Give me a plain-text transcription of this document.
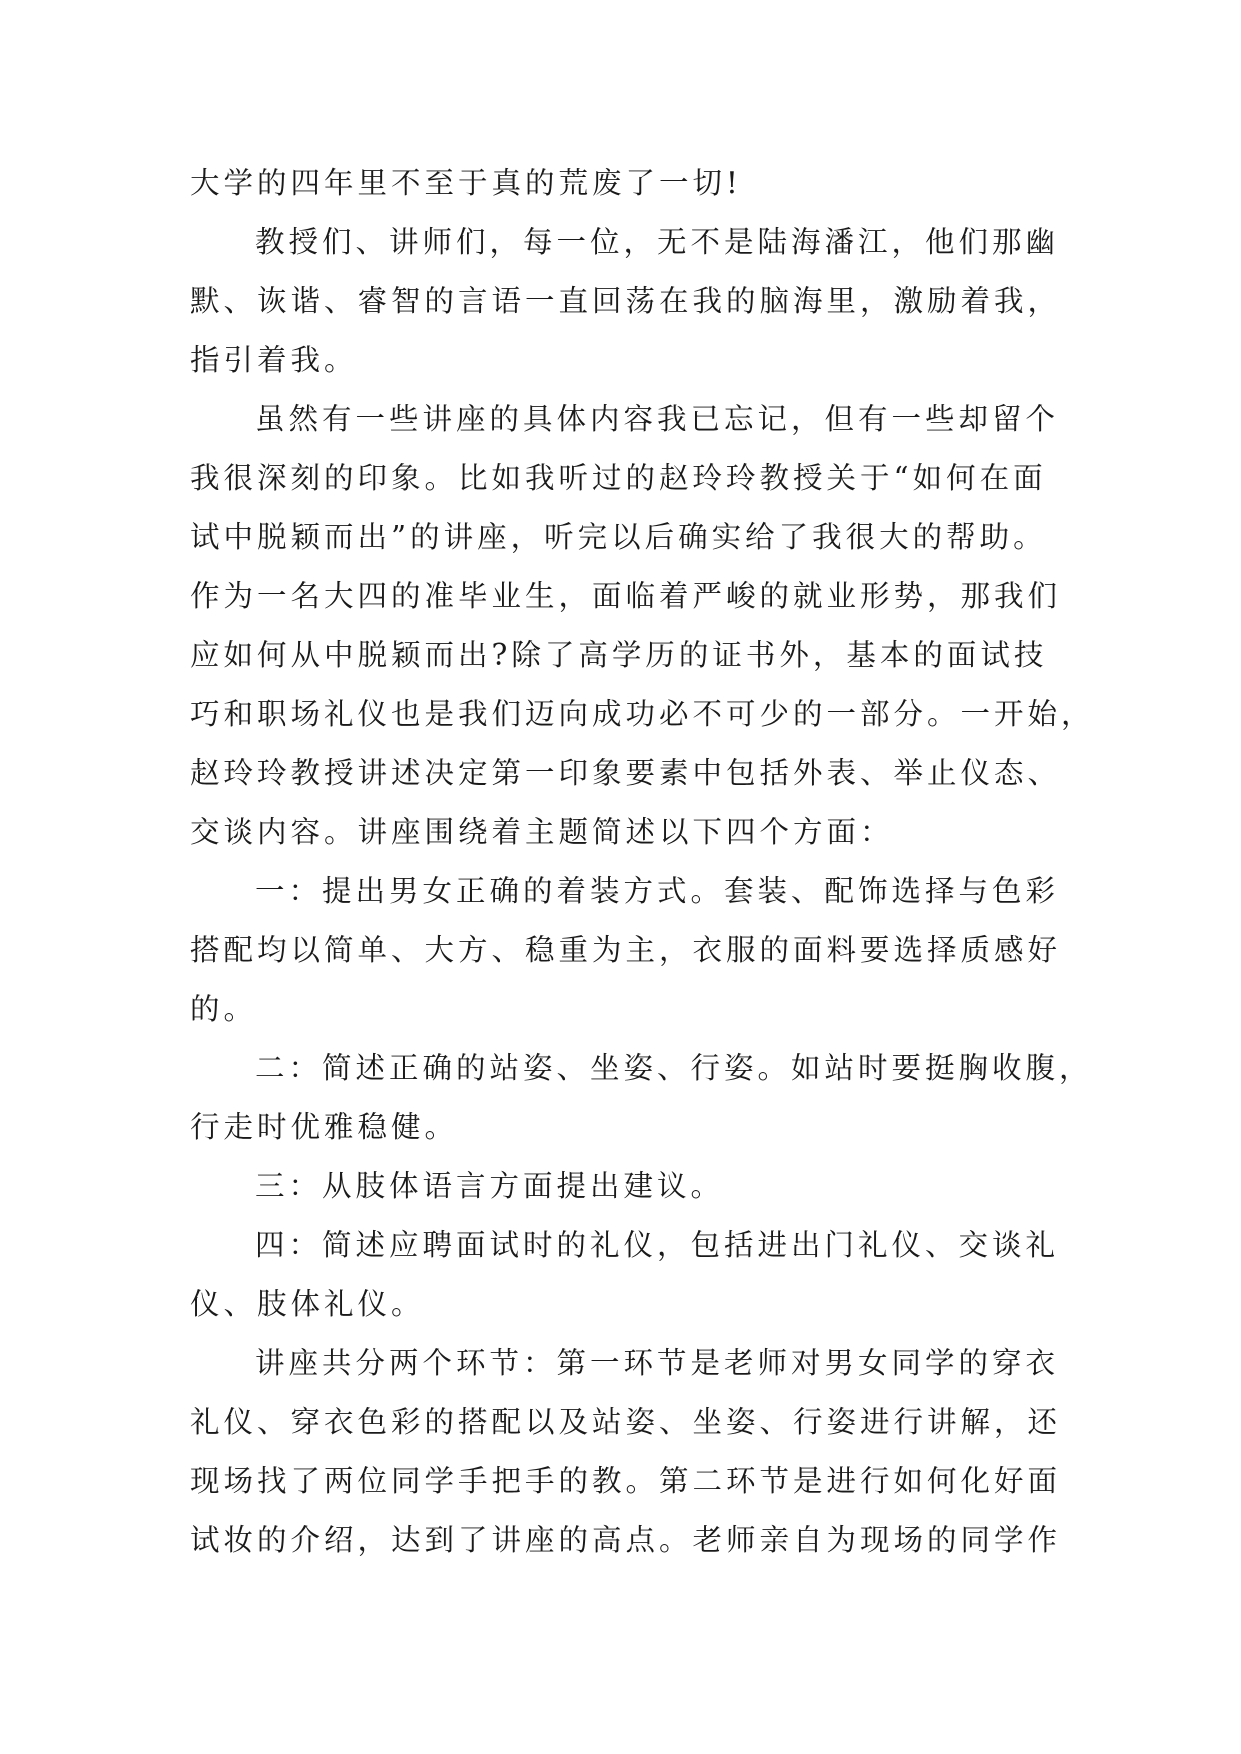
大学的四年里不至于真的荒废了一切!

教授们、讲师们，每一位，无不是陆海潘江，他们那幽
默、诙谐、睿智的言语一直回荡在我的脑海里，激励着我，
指引着我。

虽然有一些讲座的具体内容我已忘记，但有一些却留个
我很深刻的印象。比如我听过的赵玲玲教授关于“如何在面
试中脱颖而出”的讲座，听完以后确实给了我很大的帮助。
作为一名大四的准毕业生，面临着严峻的就业形势，那我们
应如何从中脱颖而出?除了高学历的证书外，基本的面试技
巧和职场礼仪也是我们迈向成功必不可少的一部分。一开始，
赵玲玲教授讲述决定第一印象要素中包括外表、举止仪态、
交谈内容。讲座围绕着主题简述以下四个方面：

一：提出男女正确的着装方式。套装、配饰选择与色彩
搭配均以简单、大方、稳重为主，衣服的面料要选择质感好
的。

二：简述正确的站姿、坐姿、行姿。如站时要挺胸收腹，
行走时优雅稳健。

三：从肢体语言方面提出建议。

四：简述应聘面试时的礼仪，包括进出门礼仪、交谈礼
仪、肢体礼仪。

讲座共分两个环节：第一环节是老师对男女同学的穿衣
礼仪、穿衣色彩的搭配以及站姿、坐姿、行姿进行讲解，还
现场找了两位同学手把手的教。第二环节是进行如何化好面
试妆的介绍，达到了讲座的高点。老师亲自为现场的同学作
